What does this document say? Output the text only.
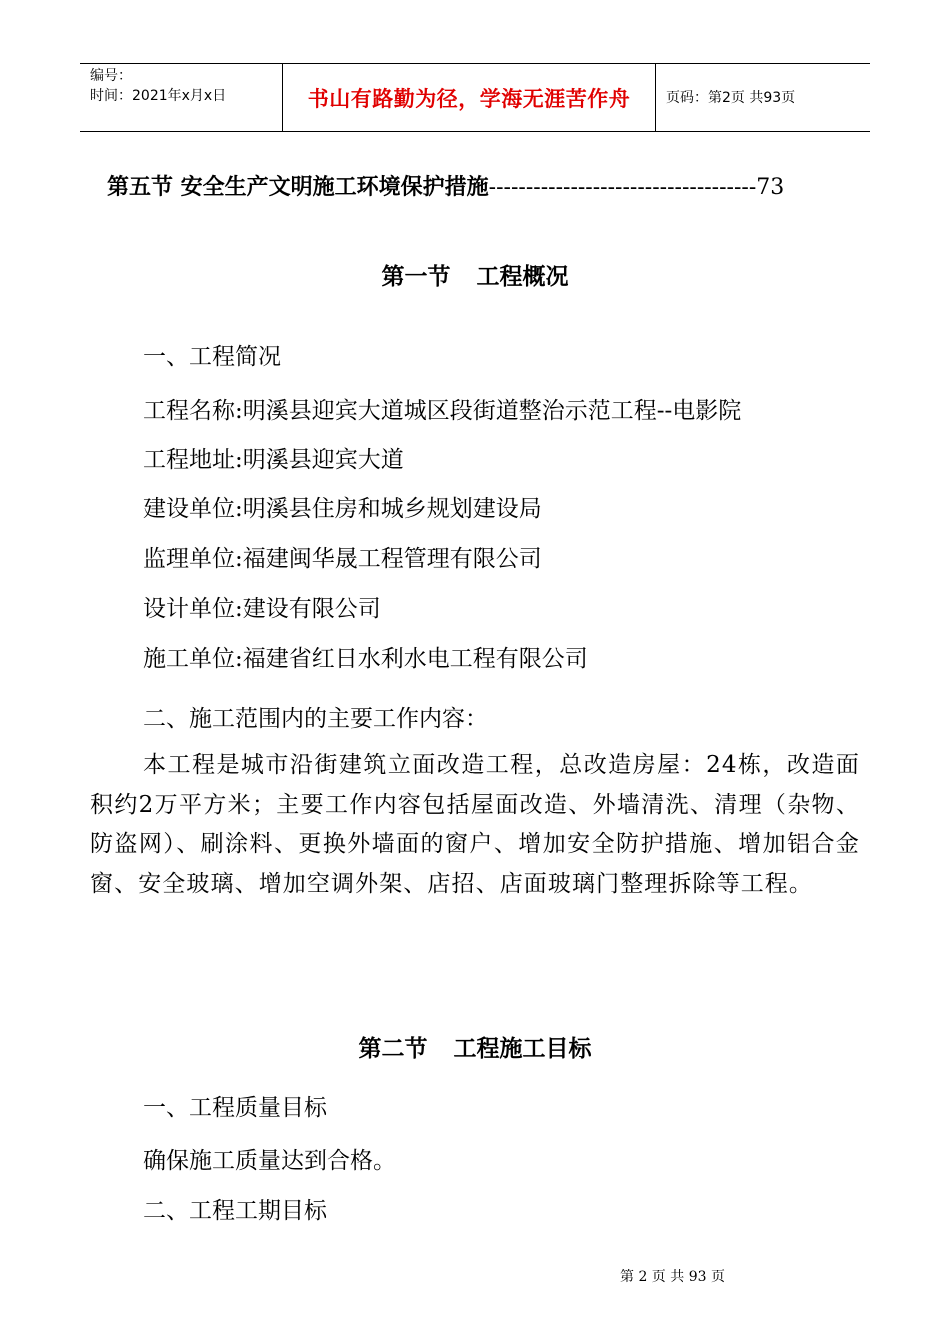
编号：
时间：2021年x月x日	书山有路勤为径，学海无涯苦作舟	页码：第2页 共93页
第五节 安全生产文明施工环境保护措施------------------------------------73
第一节 工程概况
一、工程简况
工程名称:明溪县迎宾大道城区段街道整治示范工程--电影院
工程地址:明溪县迎宾大道
建设单位:明溪县住房和城乡规划建设局
监理单位:福建闽华晟工程管理有限公司
设计单位:建设有限公司
施工单位:福建省红日水利水电工程有限公司
二、施工范围内的主要工作内容：
本工程是城市沿街建筑立面改造工程，总改造房屋：24栋，改造面积约2万平方米；主要工作内容包括屋面改造、外墙清洗、清理（杂物、防盗网）、刷涂料、更换外墙面的窗户、增加安全防护措施、增加铝合金窗、安全玻璃、增加空调外架、店招、店面玻璃门整理拆除等工程。
第二节 工程施工目标
一、工程质量目标
确保施工质量达到合格。
二、工程工期目标
第 2 页 共 93 页
